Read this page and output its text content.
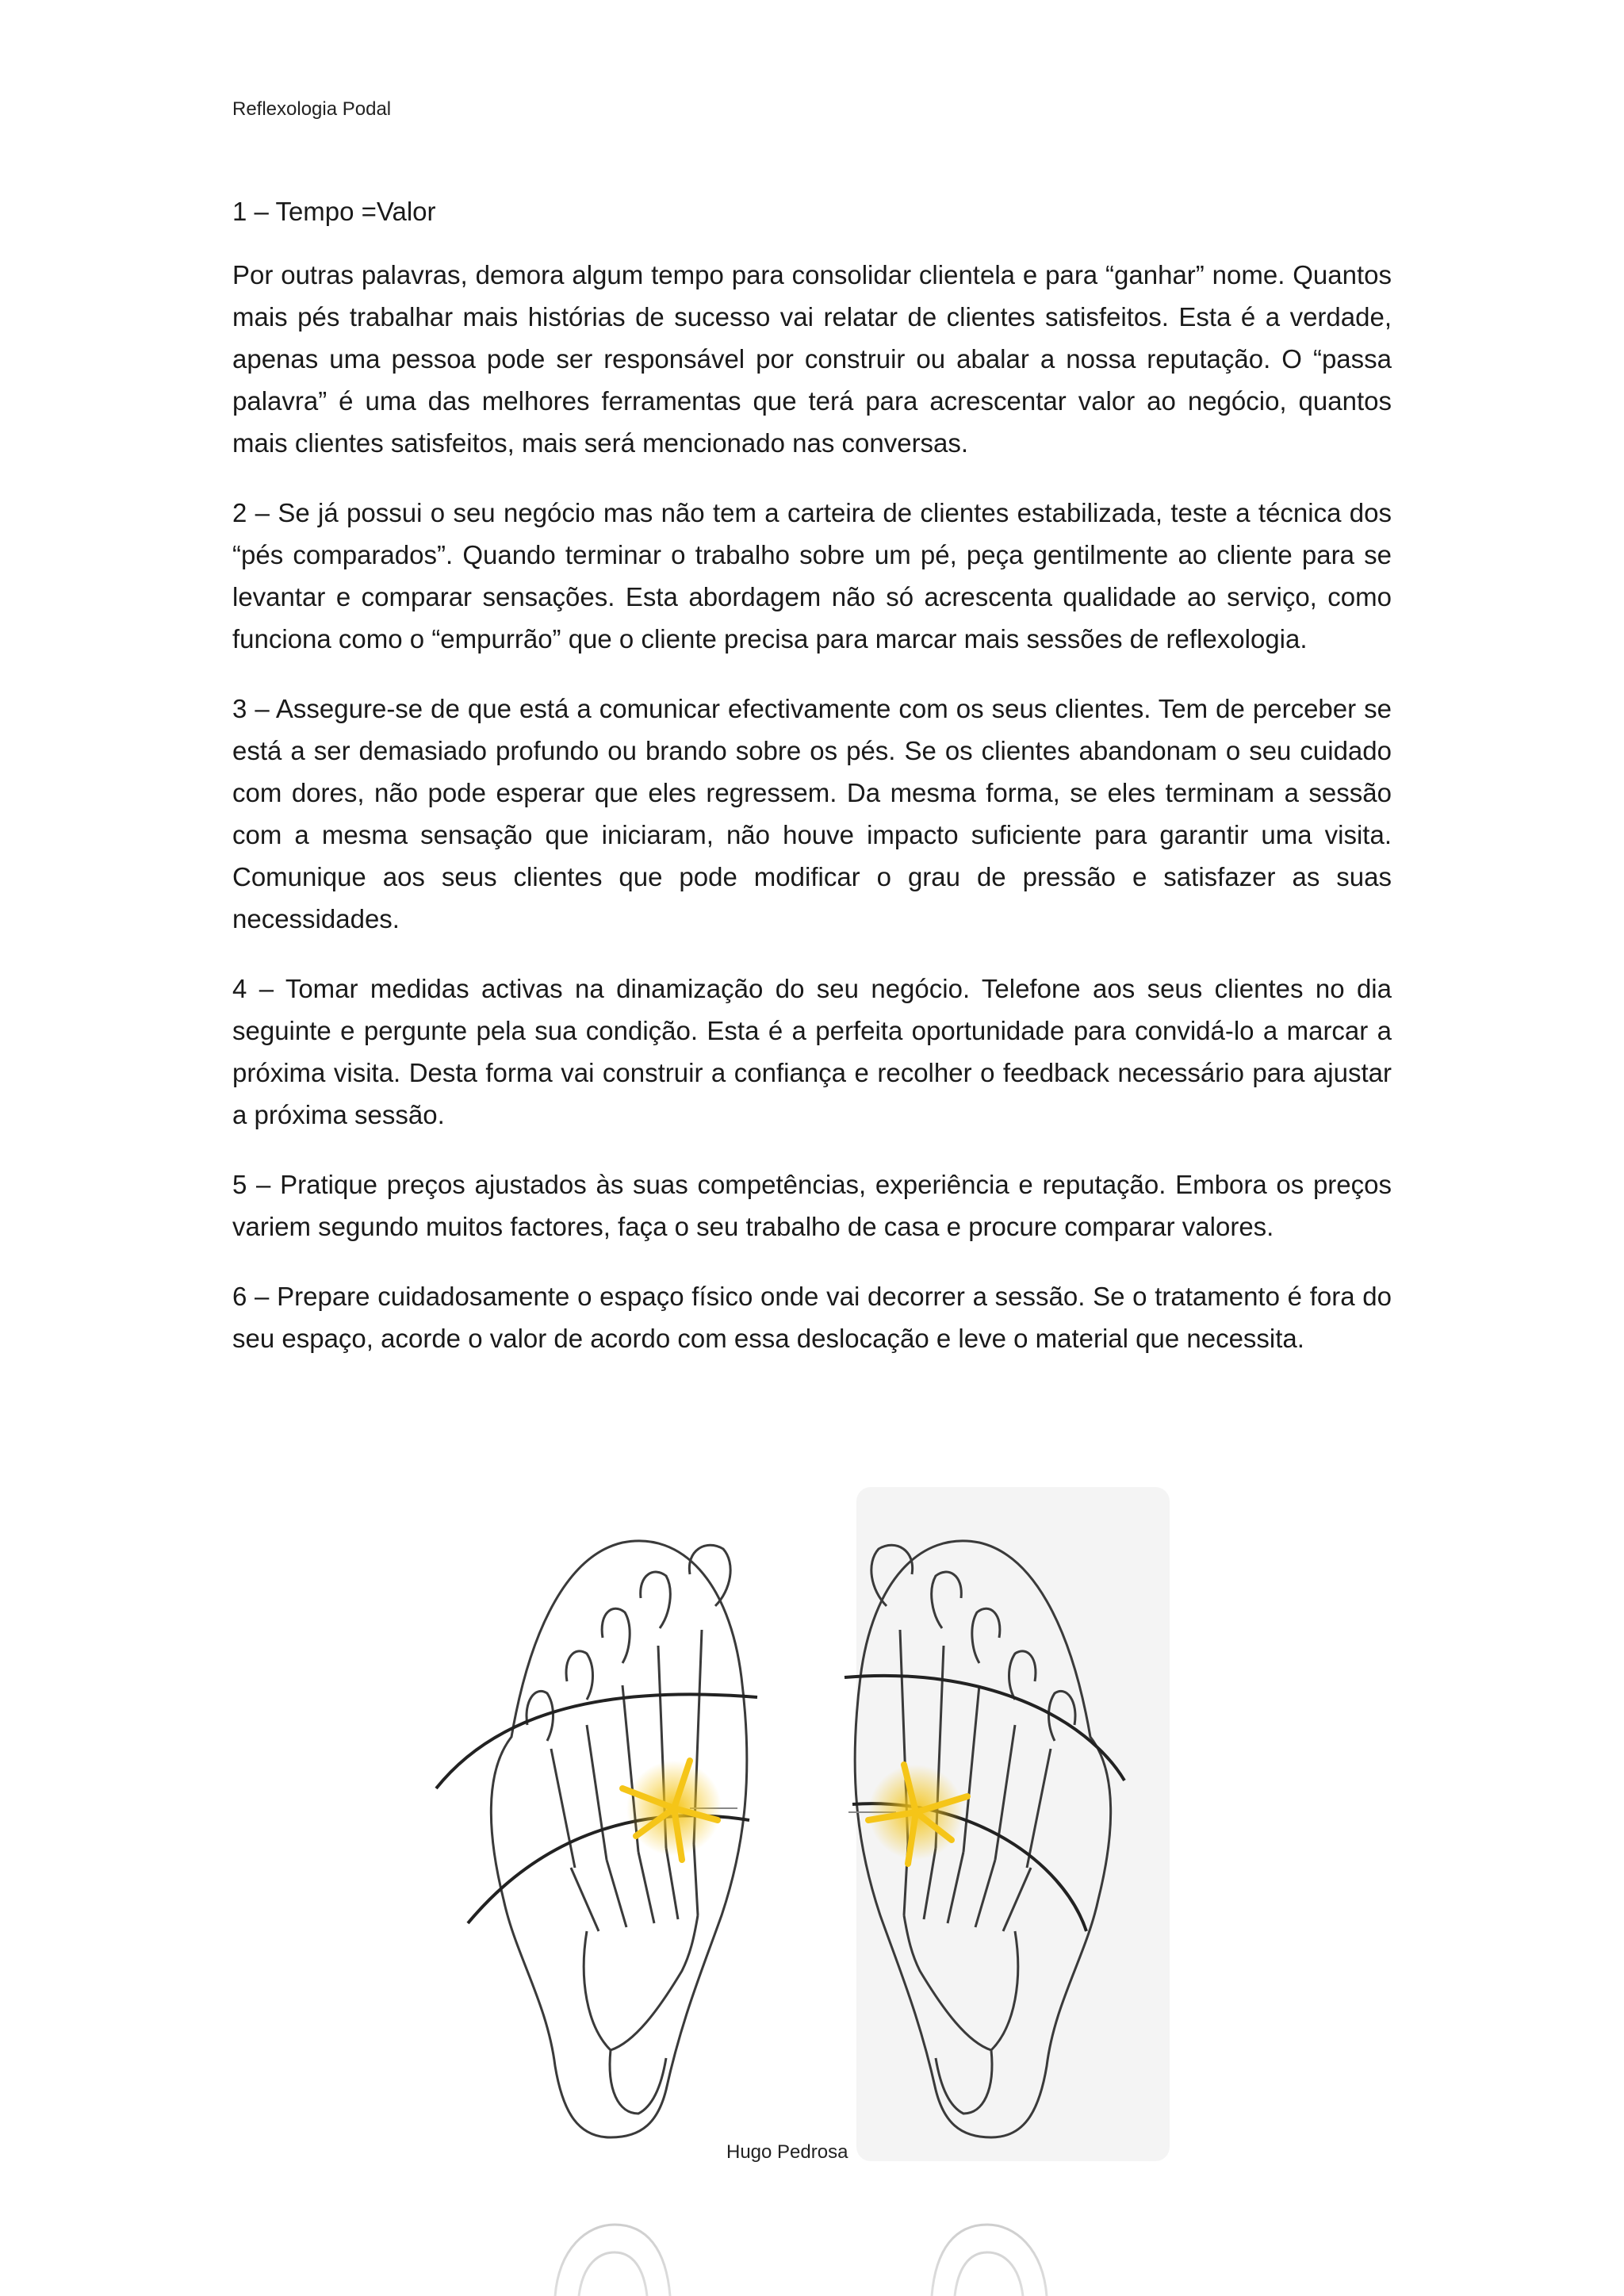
Reflexologia Podal

1 – Tempo =Valor

Por outras palavras, demora algum tempo para consolidar clientela e para “ganhar” nome. Quantos mais pés trabalhar mais histórias de sucesso vai relatar de clientes satisfeitos. Esta é a verdade, apenas uma pessoa pode ser responsável por construir ou abalar a nossa reputação. O “passa palavra” é uma das melhores ferramentas que terá para acrescentar valor ao negócio, quantos mais clientes satisfeitos, mais será mencionado nas conversas.

2 – Se já possui o seu negócio mas não tem a carteira de clientes estabilizada, teste a técnica dos “pés comparados”. Quando terminar o trabalho sobre um pé, peça gentilmente ao cliente para se levantar e comparar sensações. Esta abordagem não só acrescenta qualidade ao serviço, como funciona como o “empurrão” que o cliente precisa para marcar mais sessões de reflexologia.

3 – Assegure-se de que está a comunicar efectivamente com os seus clientes. Tem de perceber se está a ser demasiado profundo ou brando sobre os pés. Se os clientes abandonam o seu cuidado com dores, não pode esperar que eles regressem. Da mesma forma, se eles terminam a sessão com a mesma sensação que iniciaram, não houve impacto suficiente para garantir uma visita. Comunique aos seus clientes que pode modificar o grau de pressão e satisfazer as suas necessidades.

4 – Tomar medidas activas na dinamização do seu negócio. Telefone aos seus clientes no dia seguinte e pergunte pela sua condição. Esta é a perfeita oportunidade para convidá-lo a marcar a próxima visita. Desta forma vai construir a confiança e recolher o feedback necessário para ajustar a próxima sessão.

5 – Pratique preços ajustados às suas competências, experiência e reputação. Embora os preços variem segundo muitos factores, faça o seu trabalho de casa e procure comparar valores.

6 – Prepare cuidadosamente o espaço físico onde vai decorrer a sessão. Se o tratamento é fora do seu espaço, acorde o valor de acordo com essa deslocação e leve o material que necessita.

Hugo Pedrosa
